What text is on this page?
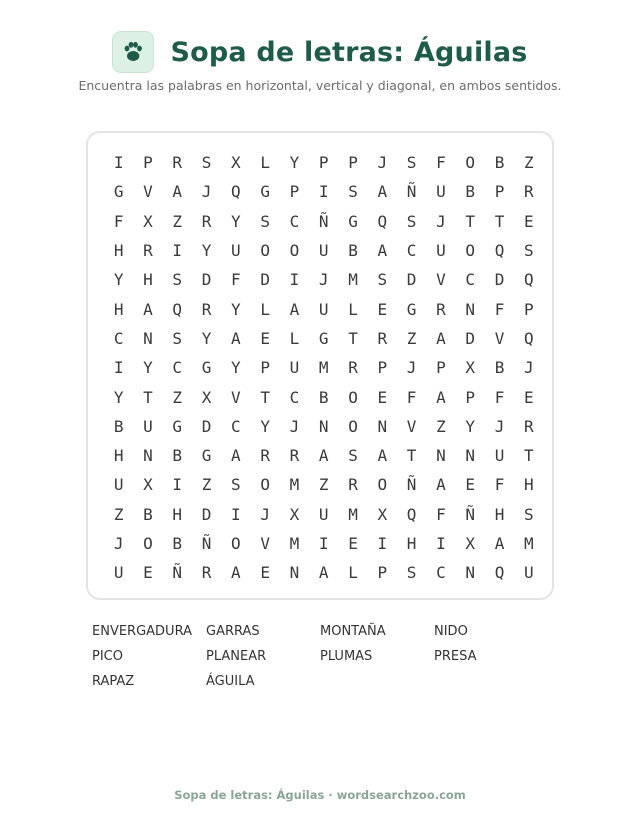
Sopa de letras: Águilas
Encuentra las palabras en horizontal, vertical y diagonal, en ambos sentidos.
I	P	R	S	X	L	Y	P	P	J	S	F	O	B	Z
G	V	A	J	Q	G	P	I	S	A	Ñ	U	B	P	R
F	X	Z	R	Y	S	C	Ñ	G	Q	S	J	T	T	E
H	R	I	Y	U	O	O	U	B	A	C	U	O	Q	S
Y	H	S	D	F	D	I	J	M	S	D	V	C	D	Q
H	A	Q	R	Y	L	A	U	L	E	G	R	N	F	P
C	N	S	Y	A	E	L	G	T	R	Z	A	D	V	Q
I	Y	C	G	Y	P	U	M	R	P	J	P	X	B	J
Y	T	Z	X	V	T	C	B	O	E	F	A	P	F	E
B	U	G	D	C	Y	J	N	O	N	V	Z	Y	J	R
H	N	B	G	A	R	R	A	S	A	T	N	N	U	T
U	X	I	Z	S	O	M	Z	R	O	Ñ	A	E	F	H
Z	B	H	D	I	J	X	U	M	X	Q	F	Ñ	H	S
J	O	B	Ñ	O	V	M	I	E	I	H	I	X	A	M
U	E	Ñ	R	A	E	N	A	L	P	S	C	N	Q	U
ENVERGADURA	GARRAS	MONTAÑA	NIDO
PICO	PLANEAR	PLUMAS	PRESA
RAPAZ	ÁGUILA
Sopa de letras: Águilas · wordsearchzoo.com
